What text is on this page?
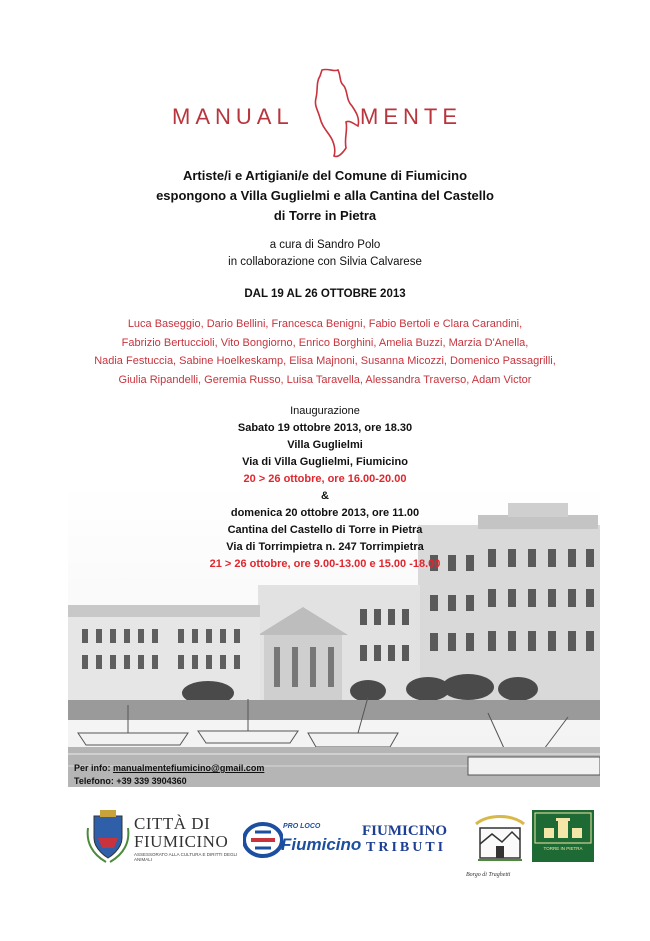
MANUAL	MENTE
Artiste/i e Artigiani/e del Comune di Fiumicino
espongono a Villa Guglielmi e alla Cantina del Castello
di Torre in Pietra
a cura di Sandro Polo
in collaborazione con Silvia Calvarese
DAL 19 AL 26 OTTOBRE 2013
Luca Baseggio, Dario Bellini, Francesca Benigni, Fabio Bertoli e Clara Carandini,
Fabrizio Bertuccioli, Vito Bongiorno, Enrico Borghini, Amelia Buzzi, Marzia D'Anella,
Nadia Festuccia, Sabine Hoelkeskamp, Elisa Majnoni, Susanna Micozzi, Domenico Passagrilli,
Giulia Ripandelli, Geremia Russo, Luisa Taravella, Alessandra Traverso, Adam Victor
Inaugurazione
Sabato 19 ottobre 2013, ore 18.30
Villa Guglielmi
Via di Villa Guglielmi, Fiumicino
20 > 26 ottobre, ore 16.00-20.00
&
domenica 20 ottobre 2013, ore 11.00
Cantina del Castello di Torre in Pietra
Via di Torrimpietra n. 247 Torrimpietra
21 > 26 ottobre, ore 9.00-13.00 e 15.00 -18.00
Per info: manualmentefiumicino@gmail.com
Telefono: +39 339 3904360
CITTÀ DI
FIUMICINO
ASSESSORATO ALLA CULTURA E DIRITTI DEGLI ANIMALI
PRO LOCO
Fiumicino
FIUMICINO
TRIBUTI
Borgo di Traghetti
TORRE IN PIETRA
